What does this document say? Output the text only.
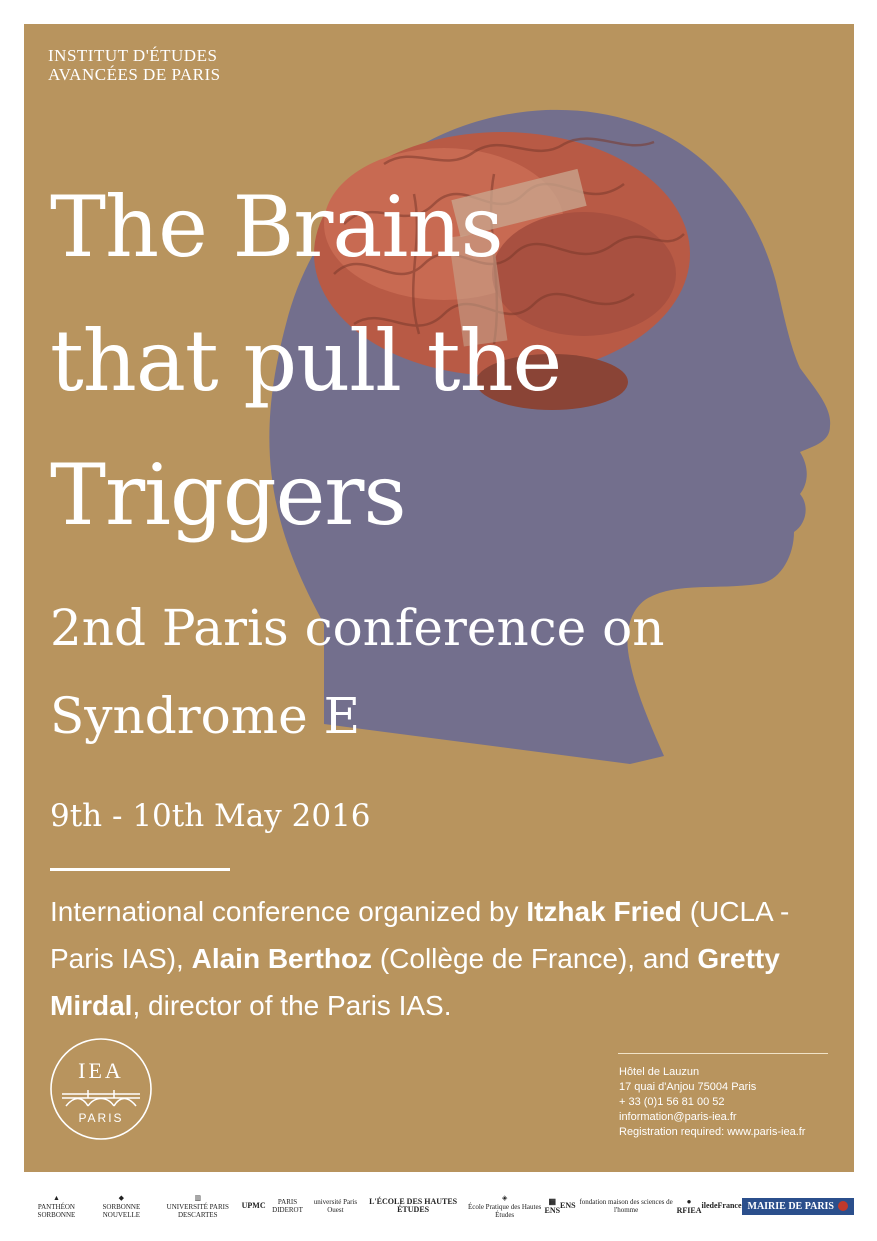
INSTITUT D'ÉTUDES
AVANCÉES DE PARIS
The Brains
that pull the
Triggers
2nd Paris conference on
Syndrome E
9th - 10th May 2016
International conference organized by Itzhak Fried (UCLA - Paris IAS), Alain Berthoz (Collège de France), and Gretty Mirdal, director of the Paris IAS.
IEA
PARIS
Hôtel de Lauzun
17 quai d'Anjou 75004 Paris
+ 33 (0)1 56 81 00 52
information@paris-iea.fr
Registration required: www.paris-iea.fr
▲
PANTHÉON SORBONNE
◆
SORBONNE NOUVELLE
▥
UNIVERSITÉ PARIS DESCARTES
UPMC	PARIS DIDEROT
université Paris Ouest
L'ÉCOLE DES HAUTES ÉTUDES
◈
École Pratique des Hautes Études
▦
ENS ENS fondation maison des sciences de l'homme
●
RFIEA iledeFrance MAIRIE DE PARIS
